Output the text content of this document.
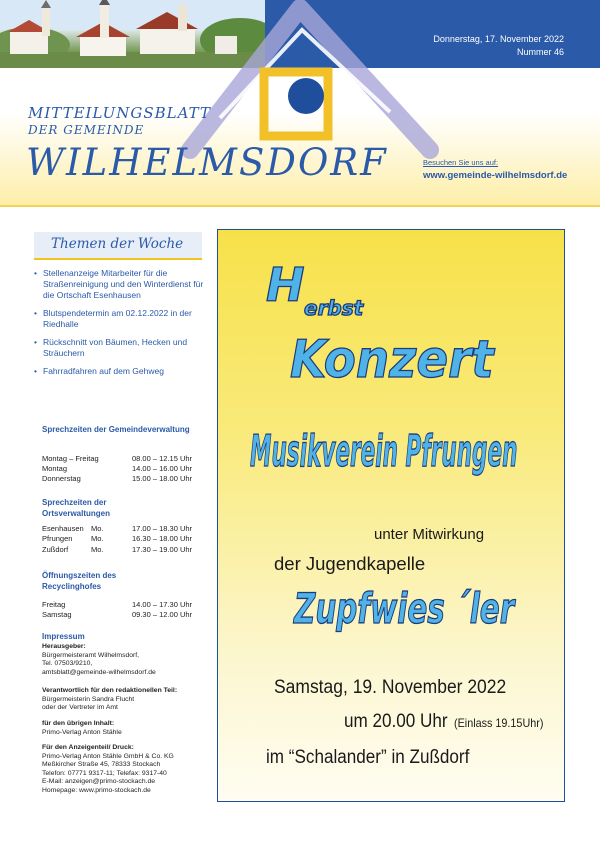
Donnerstag, 17. November 2022
Nummer 46
MITTEILUNGSBLATT
DER GEMEINDE
WILHELMSDORF	Besuchen Sie uns auf:
www.gemeinde-wilhelmsdorf.de
Themen der Woche
• Stellenanzeige Mitarbeiter für die Straßenreinigung und den Winterdienst für die Ortschaft Esenhausen
• Blutspendetermin am 02.12.2022 in der Riedhalle
• Rückschnitt von Bäumen, Hecken und Sträuchern
• Fahrradfahren auf dem Gehweg
Sprechzeiten der Gemeindeverwaltung
Montag – Freitag	08.00 – 12.15 Uhr
Montag	14.00 – 16.00 Uhr
Donnerstag	15.00 – 18.00 Uhr
Sprechzeiten der Ortsverwaltungen
Esenhausen Mo.	17.00 – 18.30 Uhr
Pfrungen Mo.	16.30 – 18.00 Uhr
Zußdorf	Mo.	17.30 – 19.00 Uhr
Öffnungszeiten des Recyclinghofes
Freitag	14.00 – 17.30 Uhr
Samstag	09.30 – 12.00 Uhr
Impressum
Herausgeber:
Bürgermeisteramt Wilhelmsdorf,
Tel. 07503/9210,
amtsblatt@gemeinde-wilhelmsdorf.de
Verantwortlich für den redaktionellen Teil:
Bürgermeisterin Sandra Flucht
oder der Vertreter im Amt
für den übrigen Inhalt:
Primo-Verlag Anton Stähle
Für den Anzeigenteil/ Druck:
Primo-Verlag Anton Stähle GmbH & Co. KG
Meßkircher Straße 45, 78333 Stockach
Telefon: 07771 9317-11; Telefax: 9317-40
E-Mail: anzeigen@primo-stockach.de
Homepage: www.primo-stockach.de
H erbst
Konzert
Musikverein Pfrungen
unter Mitwirkung
der Jugendkapelle
Zupfwies ´ler
Samstag, 19. November 2022
um 20.00 Uhr (Einlass 19.15Uhr)
im “Schalander” in Zußdorf
